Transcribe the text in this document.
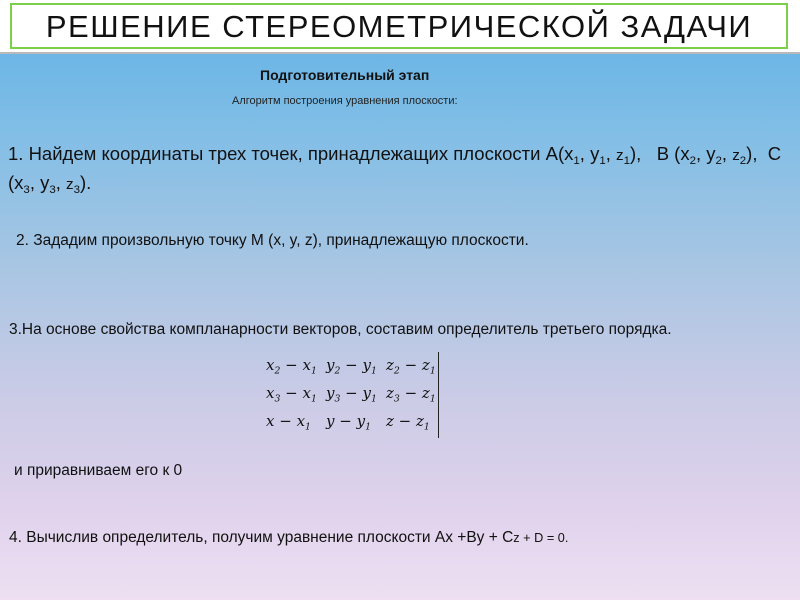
РЕШЕНИЕ СТЕРЕОМЕТРИЧЕСКОЙ ЗАДАЧИ
Подготовительный этап
Алгоритм построения уравнения плоскости:
1. Найдем координаты трех точек, принадлежащих плоскости $A(x_1$, $y_1$, $z_1$), B ($x_2$, $y_2$, $z_2$), C ($x_3$, $y_3$, $z_3$).
2. Зададим произвольную точку М (x, y, z), принадлежащую плоскости.
3.На основе свойства компланарности векторов, составим определитель третьего порядка.
$x_2 - x_1$ $y_2 - y_1$ $z_2 - z_1$
$x_3 - x_1$ $y_3 - y_1$ $z_3 - z_1$
$x - x_1$ $y - y_1$ $z - z_1$
и приравниваем его к 0
4. Вычислив определитель, получим уравнение плоскости Ax +By + Cz + D = 0.
